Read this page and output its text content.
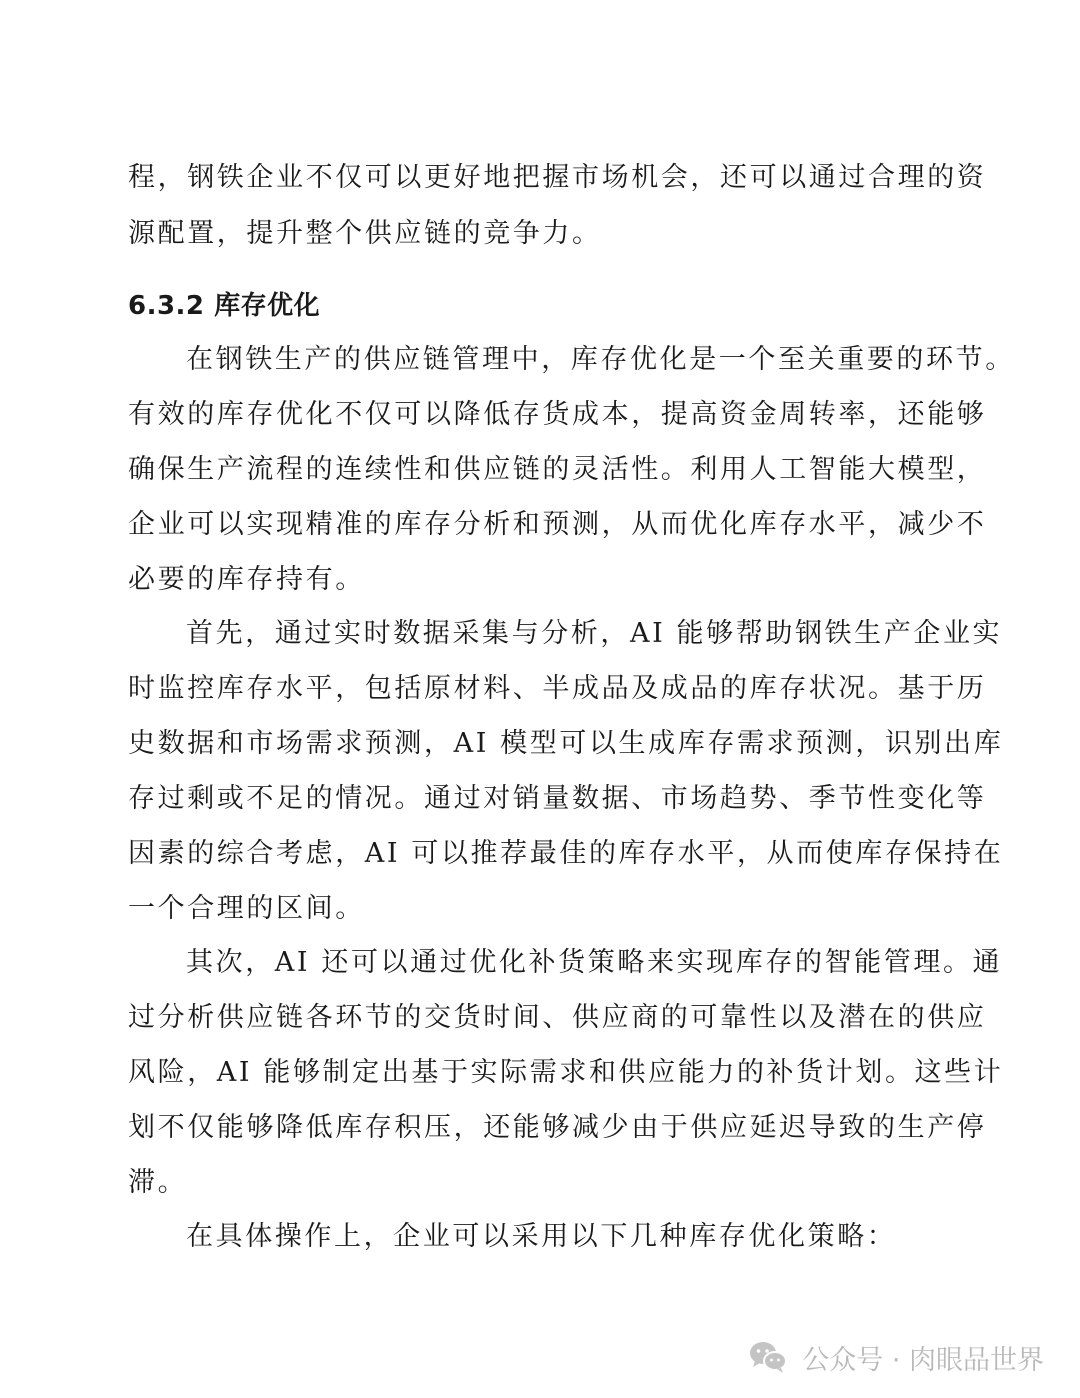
程，钢铁企业不仅可以更好地把握市场机会，还可以通过合理的资
源配置，提升整个供应链的竞争力。
6.3.2 库存优化
在钢铁生产的供应链管理中，库存优化是一个至关重要的环节。
有效的库存优化不仅可以降低存货成本，提高资金周转率，还能够
确保生产流程的连续性和供应链的灵活性。利用人工智能大模型，
企业可以实现精准的库存分析和预测，从而优化库存水平，减少不
必要的库存持有。
首先，通过实时数据采集与分析，AI 能够帮助钢铁生产企业实
时监控库存水平，包括原材料、半成品及成品的库存状况。基于历
史数据和市场需求预测，AI 模型可以生成库存需求预测，识别出库
存过剩或不足的情况。通过对销量数据、市场趋势、季节性变化等
因素的综合考虑，AI 可以推荐最佳的库存水平，从而使库存保持在
一个合理的区间。
其次，AI 还可以通过优化补货策略来实现库存的智能管理。通
过分析供应链各环节的交货时间、供应商的可靠性以及潜在的供应
风险，AI 能够制定出基于实际需求和供应能力的补货计划。这些计
划不仅能够降低库存积压，还能够减少由于供应延迟导致的生产停
滞。
在具体操作上，企业可以采用以下几种库存优化策略：
公众号 · 肉眼品世界
